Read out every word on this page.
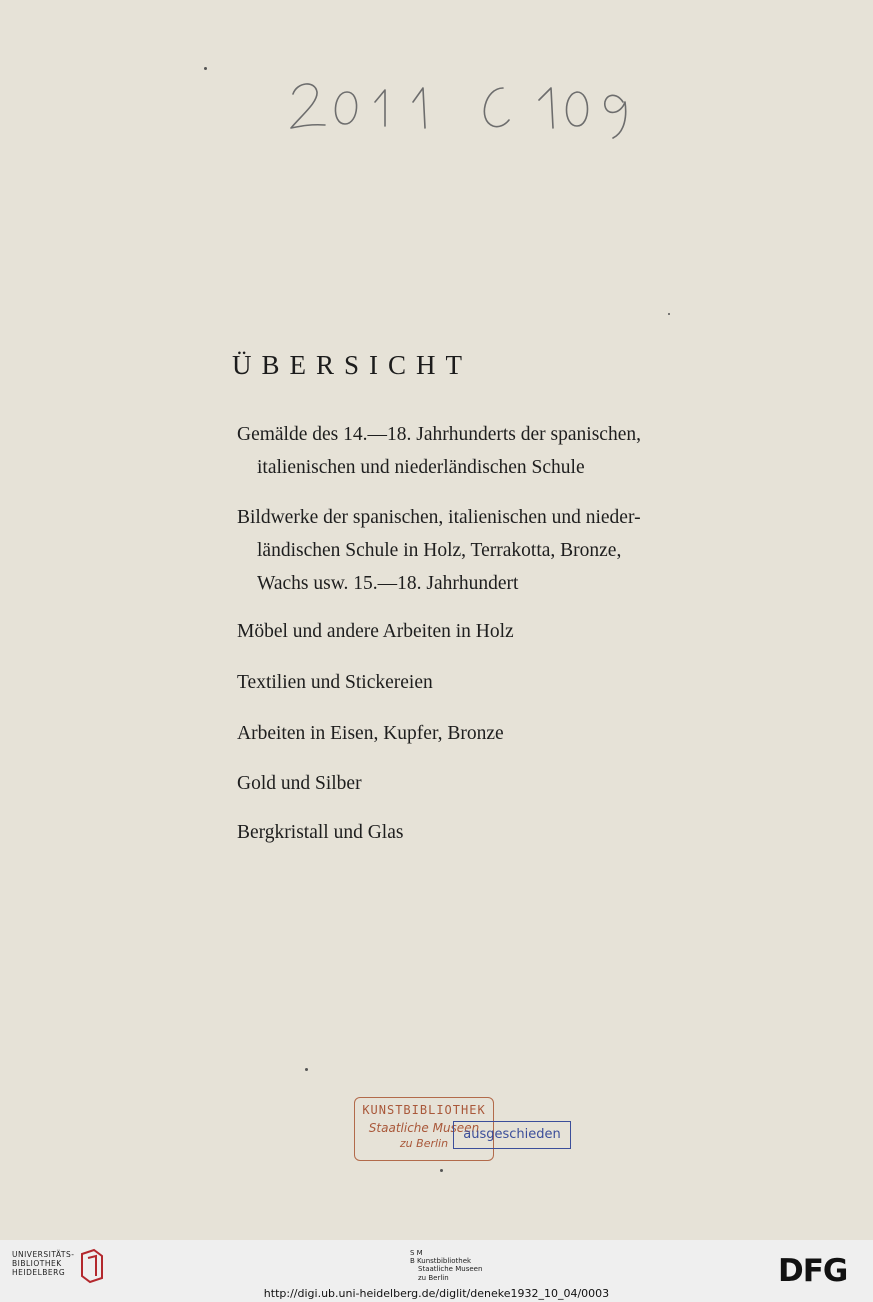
ÜBERSICHT
Gemälde des 14.—18. Jahrhunderts der spanischen,
italienischen und niederländischen Schule
Bildwerke der spanischen, italienischen und nieder-
ländischen Schule in Holz, Terrakotta, Bronze,
Wachs usw. 15.—18. Jahrhundert
Möbel und andere Arbeiten in Holz
Textilien und Stickereien
Arbeiten in Eisen, Kupfer, Bronze
Gold und Silber
Bergkristall und Glas
KUNSTBIBLIOTHEK
Staatliche Museen
zu Berlin
ausgeschieden
UNIVERSITÄTS-
BIBLIOTHEK
HEIDELBERG
S M
B Kunstbibliothek
Staatliche Museen
zu Berlin	DFG
http://digi.ub.uni-heidelberg.de/diglit/deneke1932_10_04/0003
